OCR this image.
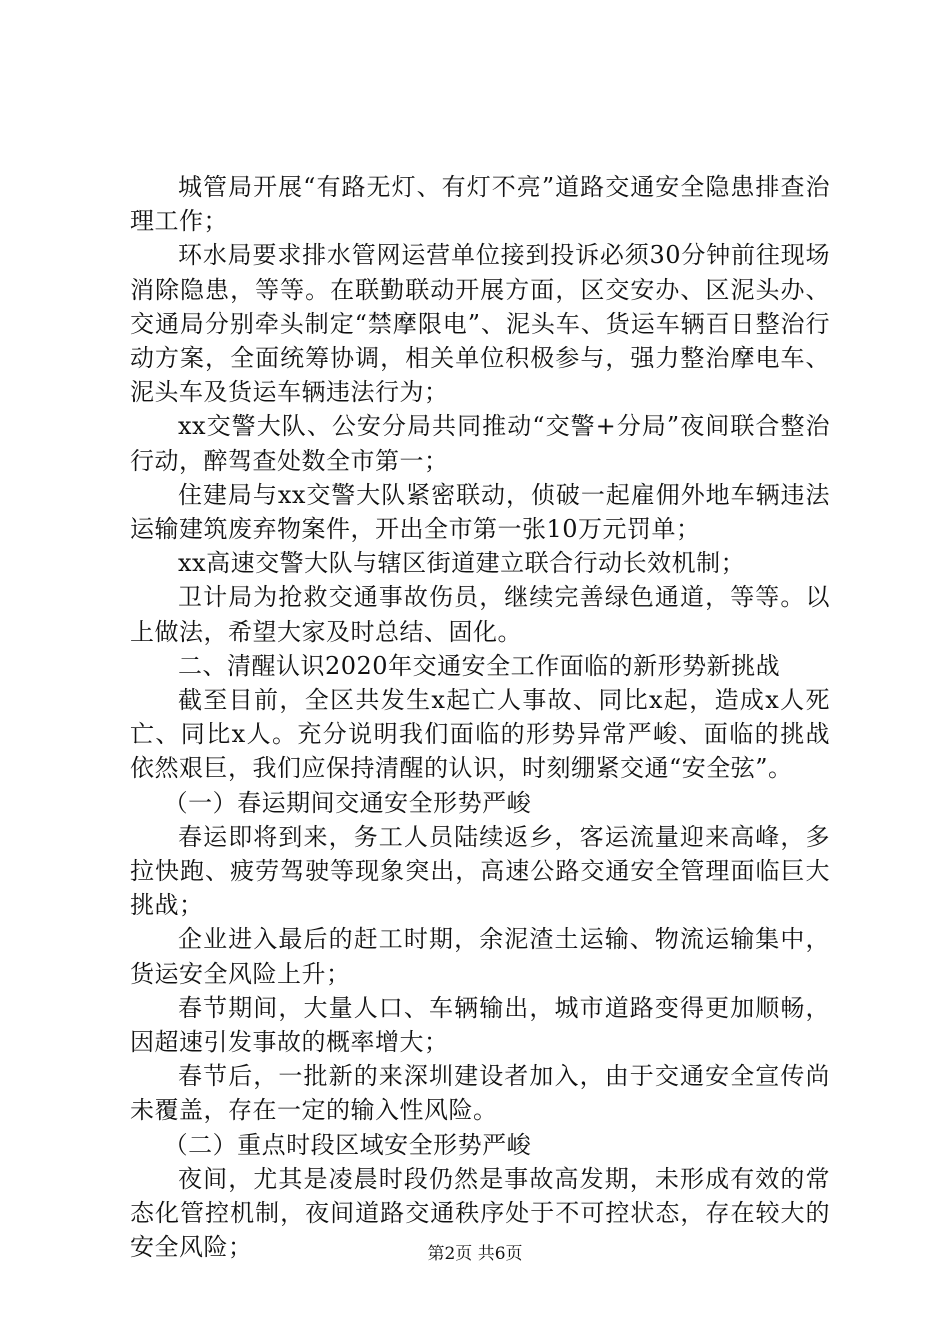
城管局开展“有路无灯、有灯不亮”道路交通安全隐患排查治理工作；

环水局要求排水管网运营单位接到投诉必须30分钟前往现场消除隐患，等等。在联勤联动开展方面，区交安办、区泥头办、交通局分别牵头制定“禁摩限电”、泥头车、货运车辆百日整治行动方案，全面统筹协调，相关单位积极参与，强力整治摩电车、泥头车及货运车辆违法行为；

xx交警大队、公安分局共同推动“交警+分局”夜间联合整治行动，醉驾查处数全市第一；

住建局与xx交警大队紧密联动，侦破一起雇佣外地车辆违法运输建筑废弃物案件，开出全市第一张10万元罚单；

xx高速交警大队与辖区街道建立联合行动长效机制；

卫计局为抢救交通事故伤员，继续完善绿色通道，等等。以上做法，希望大家及时总结、固化。

二、清醒认识2020年交通安全工作面临的新形势新挑战

截至目前，全区共发生x起亡人事故、同比x起，造成x人死亡、同比x人。充分说明我们面临的形势异常严峻、面临的挑战依然艰巨，我们应保持清醒的认识，时刻绷紧交通“安全弦”。

（一）春运期间交通安全形势严峻

春运即将到来，务工人员陆续返乡，客运流量迎来高峰，多拉快跑、疲劳驾驶等现象突出，高速公路交通安全管理面临巨大挑战；

企业进入最后的赶工时期，余泥渣土运输、物流运输集中，货运安全风险上升；

春节期间，大量人口、车辆输出，城市道路变得更加顺畅，因超速引发事故的概率增大；

春节后，一批新的来深圳建设者加入，由于交通安全宣传尚未覆盖，存在一定的输入性风险。

（二）重点时段区域安全形势严峻

夜间，尤其是凌晨时段仍然是事故高发期，未形成有效的常态化管控机制，夜间道路交通秩序处于不可控状态，存在较大的安全风险；	第2页 共6页
